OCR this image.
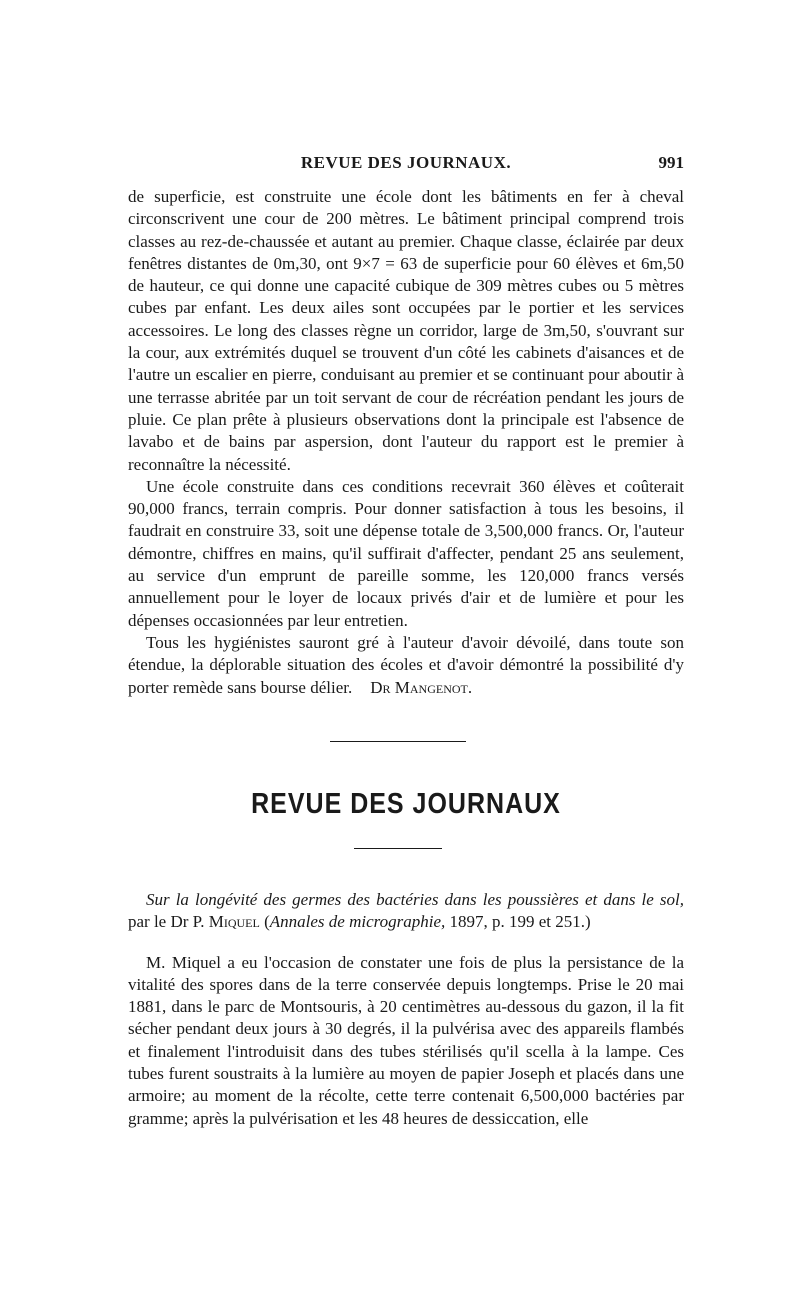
REVUE DES JOURNAUX.	991

de superficie, est construite une école dont les bâtiments en fer à cheval circonscrivent une cour de 200 mètres. Le bâtiment principal comprend trois classes au rez-de-chaussée et autant au premier. Chaque classe, éclairée par deux fenêtres distantes de 0m,30, ont 9×7 = 63 de superficie pour 60 élèves et 6m,50 de hauteur, ce qui donne une capacité cubique de 309 mètres cubes ou 5 mètres cubes par enfant. Les deux ailes sont occupées par le portier et les services accessoires. Le long des classes règne un corridor, large de 3m,50, s'ouvrant sur la cour, aux extrémités duquel se trouvent d'un côté les cabinets d'aisances et de l'autre un escalier en pierre, conduisant au premier et se continuant pour aboutir à une terrasse abritée par un toit servant de cour de récréation pendant les jours de pluie. Ce plan prête à plusieurs observations dont la principale est l'absence de lavabo et de bains par aspersion, dont l'auteur du rapport est le premier à reconnaître la nécessité.

Une école construite dans ces conditions recevrait 360 élèves et coûterait 90,000 francs, terrain compris. Pour donner satisfaction à tous les besoins, il faudrait en construire 33, soit une dépense totale de 3,500,000 francs. Or, l'auteur démontre, chiffres en mains, qu'il suffirait d'affecter, pendant 25 ans seulement, au service d'un emprunt de pareille somme, les 120,000 francs versés annuellement pour le loyer de locaux privés d'air et de lumière et pour les dépenses occasionnées par leur entretien.

Tous les hygiénistes sauront gré à l'auteur d'avoir dévoilé, dans toute son étendue, la déplorable situation des écoles et d'avoir démontré la possibilité d'y porter remède sans bourse délier. Dr Mangenot.

REVUE DES JOURNAUX

Sur la longévité des germes des bactéries dans les poussières et dans le sol, par le Dr P. Miquel (Annales de micrographie, 1897, p. 199 et 251.)

M. Miquel a eu l'occasion de constater une fois de plus la persistance de la vitalité des spores dans de la terre conservée depuis longtemps. Prise le 20 mai 1881, dans le parc de Montsouris, à 20 centimètres au-dessous du gazon, il la fit sécher pendant deux jours à 30 degrés, il la pulvérisa avec des appareils flambés et finalement l'introduisit dans des tubes stérilisés qu'il scella à la lampe. Ces tubes furent soustraits à la lumière au moyen de papier Joseph et placés dans une armoire; au moment de la récolte, cette terre contenait 6,500,000 bactéries par gramme; après la pulvérisation et les 48 heures de dessiccation, elle
